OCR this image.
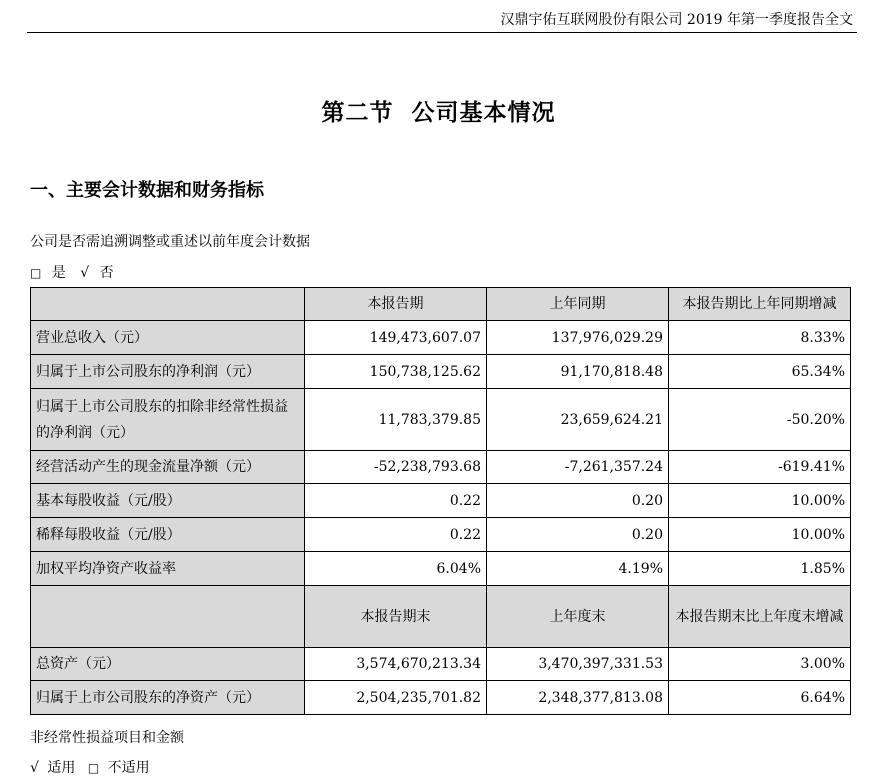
汉鼎宇佑互联网股份有限公司 2019 年第一季度报告全文
第二节  公司基本情况
一、主要会计数据和财务指标
公司是否需追溯调整或重述以前年度会计数据
□ 是 √ 否
	本报告期	上年同期	本报告期比上年同期增减
营业总收入（元）	149,473,607.07	137,976,029.29	8.33%
归属于上市公司股东的净利润（元）	150,738,125.62	91,170,818.48	65.34%
归属于上市公司股东的扣除非经常性损益的净利润（元）	11,783,379.85	23,659,624.21	-50.20%
经营活动产生的现金流量净额（元）	-52,238,793.68	-7,261,357.24	-619.41%
基本每股收益（元/股）	0.22	0.20	10.00%
稀释每股收益（元/股）	0.22	0.20	10.00%
加权平均净资产收益率	6.04%	4.19%	1.85%
	本报告期末	上年度末	本报告期末比上年度末增减
总资产（元）	3,574,670,213.34	3,470,397,331.53	3.00%
归属于上市公司股东的净资产（元）	2,504,235,701.82	2,348,377,813.08	6.64%
非经常性损益项目和金额
√ 适用 □ 不适用
